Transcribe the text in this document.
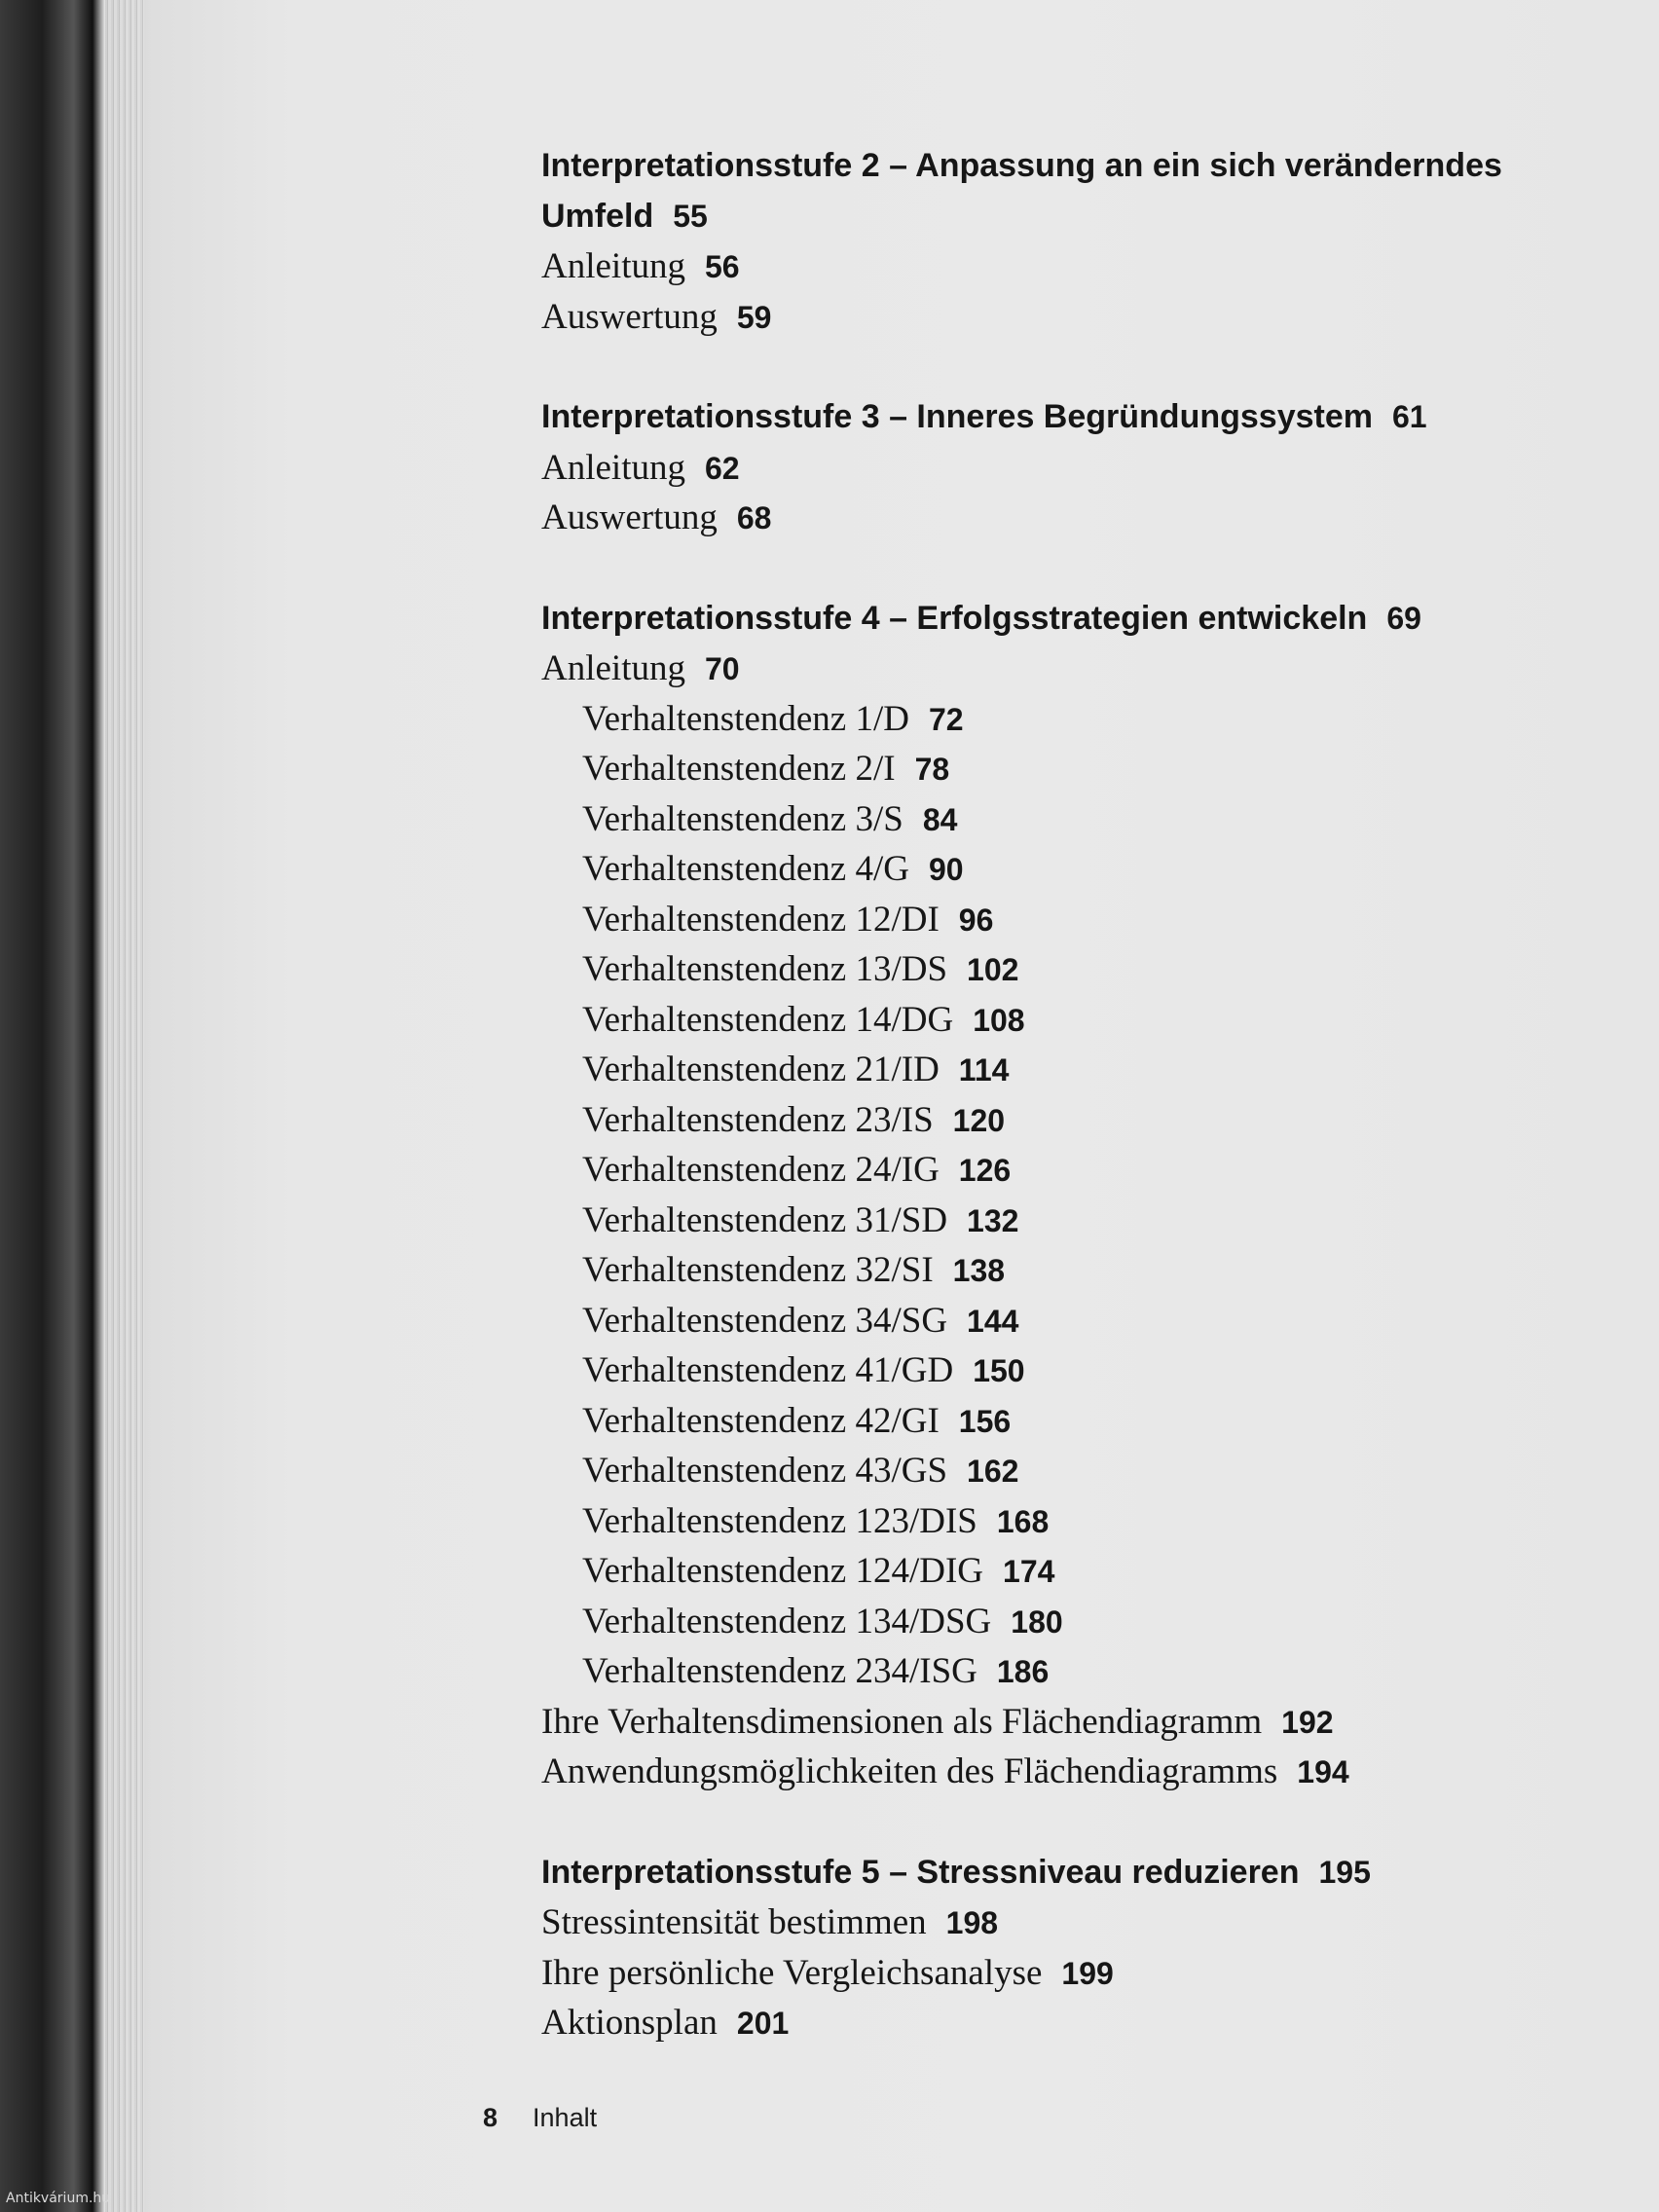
Interpretationsstufe 2 – Anpassung an ein sich veränderndes
Umfeld 55
Anleitung 56
Auswertung 59
Interpretationsstufe 3 – Inneres Begründungssystem 61
Anleitung 62
Auswertung 68
Interpretationsstufe 4 – Erfolgsstrategien entwickeln 69
Anleitung 70
Verhaltenstendenz 1/D 72
Verhaltenstendenz 2/I 78
Verhaltenstendenz 3/S 84
Verhaltenstendenz 4/G 90
Verhaltenstendenz 12/DI 96
Verhaltenstendenz 13/DS 102
Verhaltenstendenz 14/DG 108
Verhaltenstendenz 21/ID 114
Verhaltenstendenz 23/IS 120
Verhaltenstendenz 24/IG 126
Verhaltenstendenz 31/SD 132
Verhaltenstendenz 32/SI 138
Verhaltenstendenz 34/SG 144
Verhaltenstendenz 41/GD 150
Verhaltenstendenz 42/GI 156
Verhaltenstendenz 43/GS 162
Verhaltenstendenz 123/DIS 168
Verhaltenstendenz 124/DIG 174
Verhaltenstendenz 134/DSG 180
Verhaltenstendenz 234/ISG 186
Ihre Verhaltensdimensionen als Flächendiagramm 192
Anwendungsmöglichkeiten des Flächendiagramms 194
Interpretationsstufe 5 – Stressniveau reduzieren 195
Stressintensität bestimmen 198
Ihre persönliche Vergleichsanalyse 199
Aktionsplan 201
8 Inhalt
Antikvárium.hu
